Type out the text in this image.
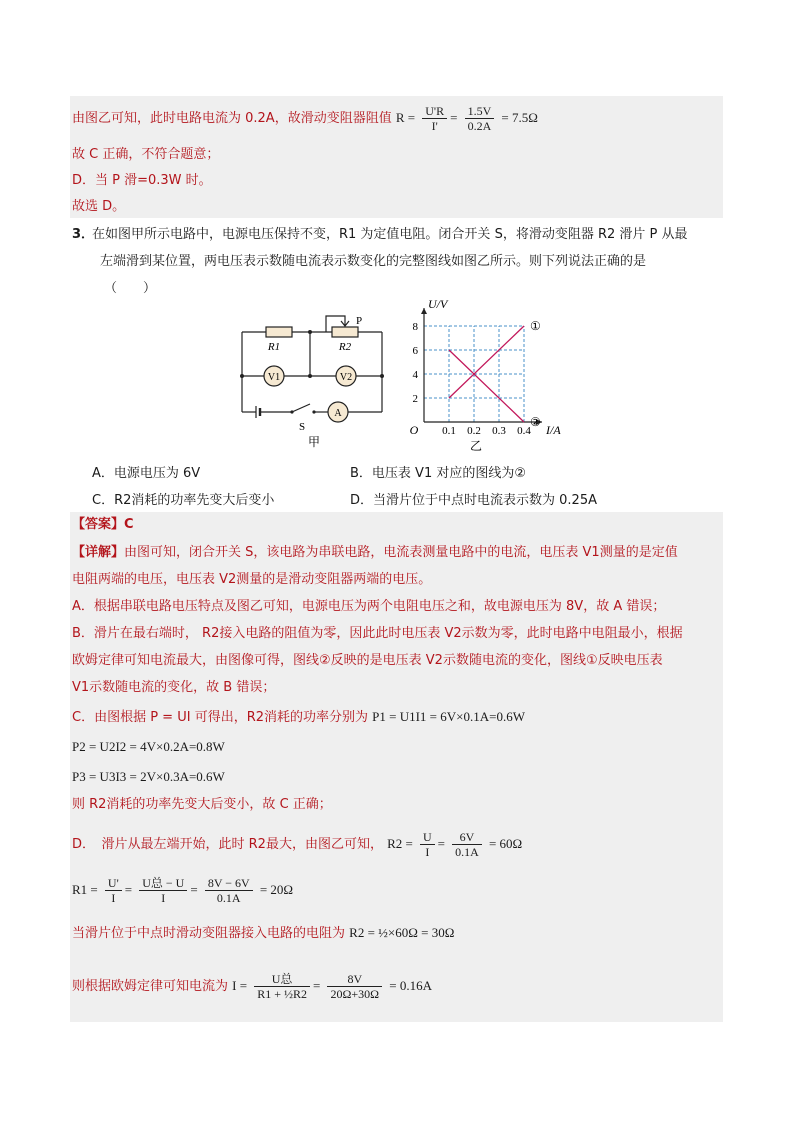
由图乙可知，此时电路电流为 0.2A，故滑动变阻器阻值 $R = \frac{U'R}{I'} = \frac{1.5V}{0.2A} = 7.5\Omega$
故 C 正确，不符合题意；
D．当 P 滑=0.3W 时。
故选 D。
3．
在如图甲所示电路中，电源电压保持不变，R1 为定值电阻。闭合开关 S，将滑动变阻器 R2 滑片 P 从最
左端滑到某位置，两电压表示数随电流表示数变化的完整图线如图乙所示。则下列说法正确的是
（　　）
R1	R2
P
V1	V2
A
S
甲
0.1 0.2 0.3 0.4
2
4
6
8
O	I/A
U/V
乙
①
②
A．电源电压为 6V	B．电压表 V1 对应的图线为②
C．R2消耗的功率先变大后变小	D．当滑片位于中点时电流表示数为 0.25A
【答案】C
【详解】由图可知，闭合开关 S，该电路为串联电路，电流表测量电路中的电流，电压表 V1测量的是定值
电阻两端的电压，电压表 V2测量的是滑动变阻器两端的电压。
A．根据串联电路电压特点及图乙可知，电源电压为两个电阻电压之和，故电源电压为 8V，故 A 错误；
B．滑片在最右端时， R2接入电路的阻值为零，因此此时电压表 V2示数为零，此时电路中电阻最小，根据
欧姆定律可知电流最大，由图像可得，图线②反映的是电压表 V2示数随电流的变化，图线①反映电压表
V1示数随电流的变化，故 B 错误；
C．由图根据 P = UI 可得出，R2消耗的功率分别为 P1 = U1I1 = 6V×0.1A=0.6W
P2 = U2I2 = 4V×0.2A=0.8W
P3 = U3I3 = 2V×0.3A=0.6W
则 R2消耗的功率先变大后变小，故 C 正确；
D．　滑片从最左端开始，此时 R2最大，由图乙可知， $R2 = \frac{U}{I} = \frac{6V}{0.1A} = 60\Omega$
$R1 = \frac{U'}{I} = \frac{\text{U总 − U}}{I} = \frac{8V - 6V}{0.1A} = 20\Omega$
当滑片位于中点时滑动变阻器接入电路的电阻为 R2 = ½×60Ω = 30Ω
则根据欧姆定律可知电流为 $I = \frac{\text{U总}}{\text{R1 + ½R2}} = \frac{8V}{20\Omega+30\Omega} = 0.16A$
